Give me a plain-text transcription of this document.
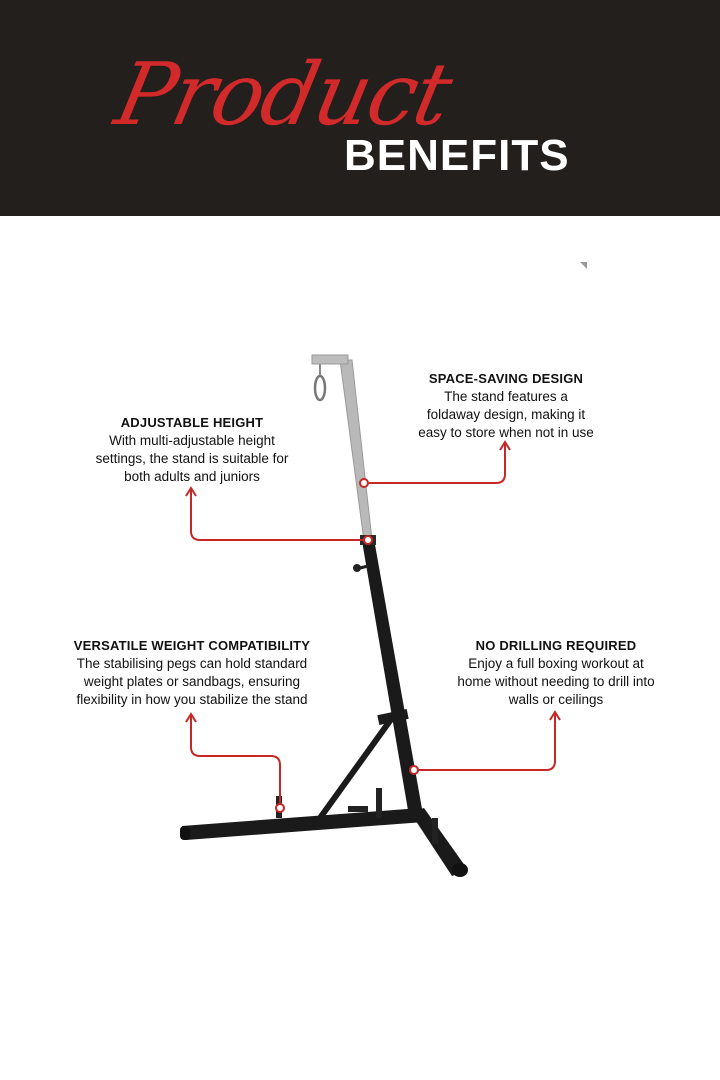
Product
BENEFITS
SPACE-SAVING DESIGN
The stand features a
foldaway design, making it
easy to store when not in use
ADJUSTABLE HEIGHT
With multi-adjustable height
settings, the stand is suitable for
both adults and juniors
VERSATILE WEIGHT COMPATIBILITY
The stabilising pegs can hold standard
weight plates or sandbags, ensuring
flexibility in how you stabilize the stand
NO DRILLING REQUIRED
Enjoy a full boxing workout at
home without needing to drill into
walls or ceilings
